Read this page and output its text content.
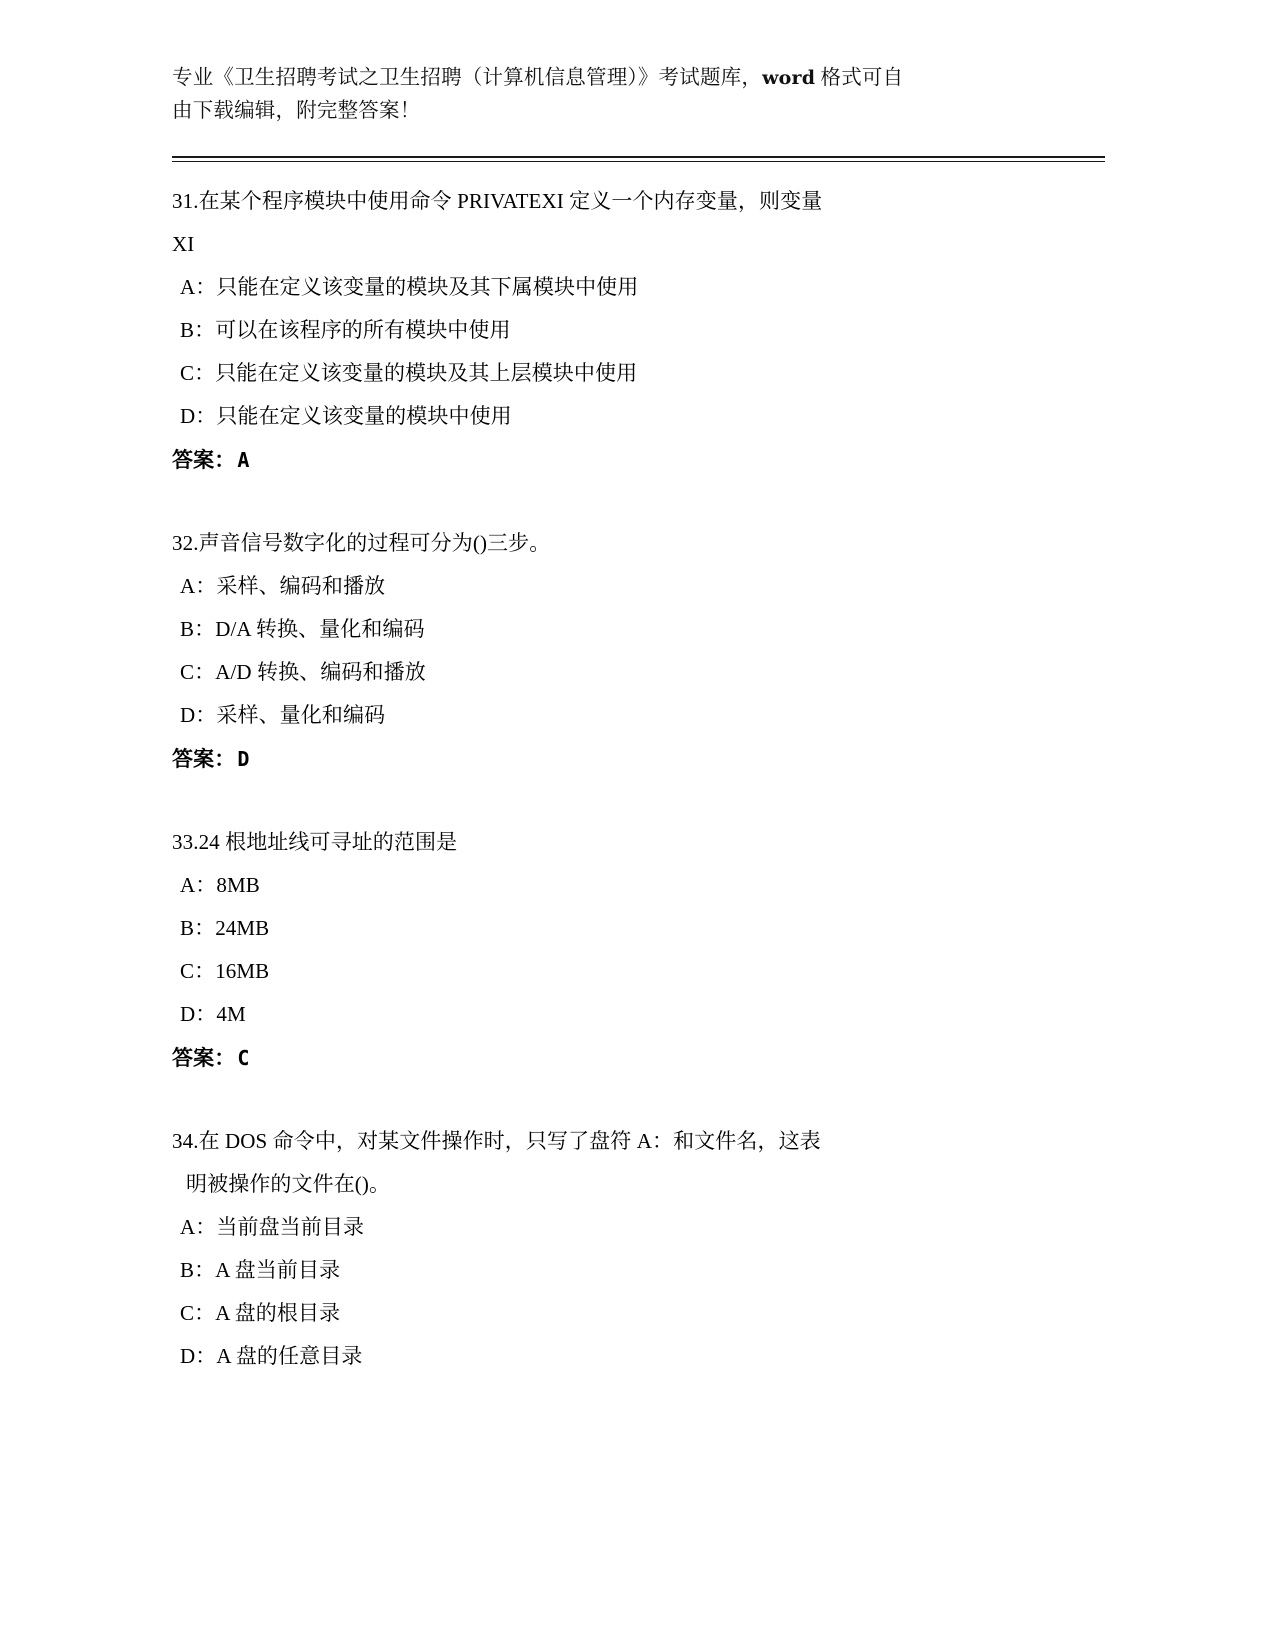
专业《卫生招聘考试之卫生招聘（计算机信息管理）》考试题库，word 格式可自
由下载编辑，附完整答案！
31.在某个程序模块中使用命令 PRIVATEXI 定义一个内存变量，则变量
XI
A：只能在定义该变量的模块及其下属模块中使用
B：可以在该程序的所有模块中使用
C：只能在定义该变量的模块及其上层模块中使用
D：只能在定义该变量的模块中使用
答案： A
32.声音信号数字化的过程可分为()三步。
A：采样、编码和播放
B：D/A 转换、量化和编码
C：A/D 转换、编码和播放
D：采样、量化和编码
答案： D
33.24 根地址线可寻址的范围是
A：8MB
B：24MB
C：16MB
D：4M
答案： C
34.在 DOS 命令中，对某文件操作时，只写了盘符 A：和文件名，这表
明被操作的文件在()。
A：当前盘当前目录
B：A 盘当前目录
C：A 盘的根目录
D：A 盘的任意目录
